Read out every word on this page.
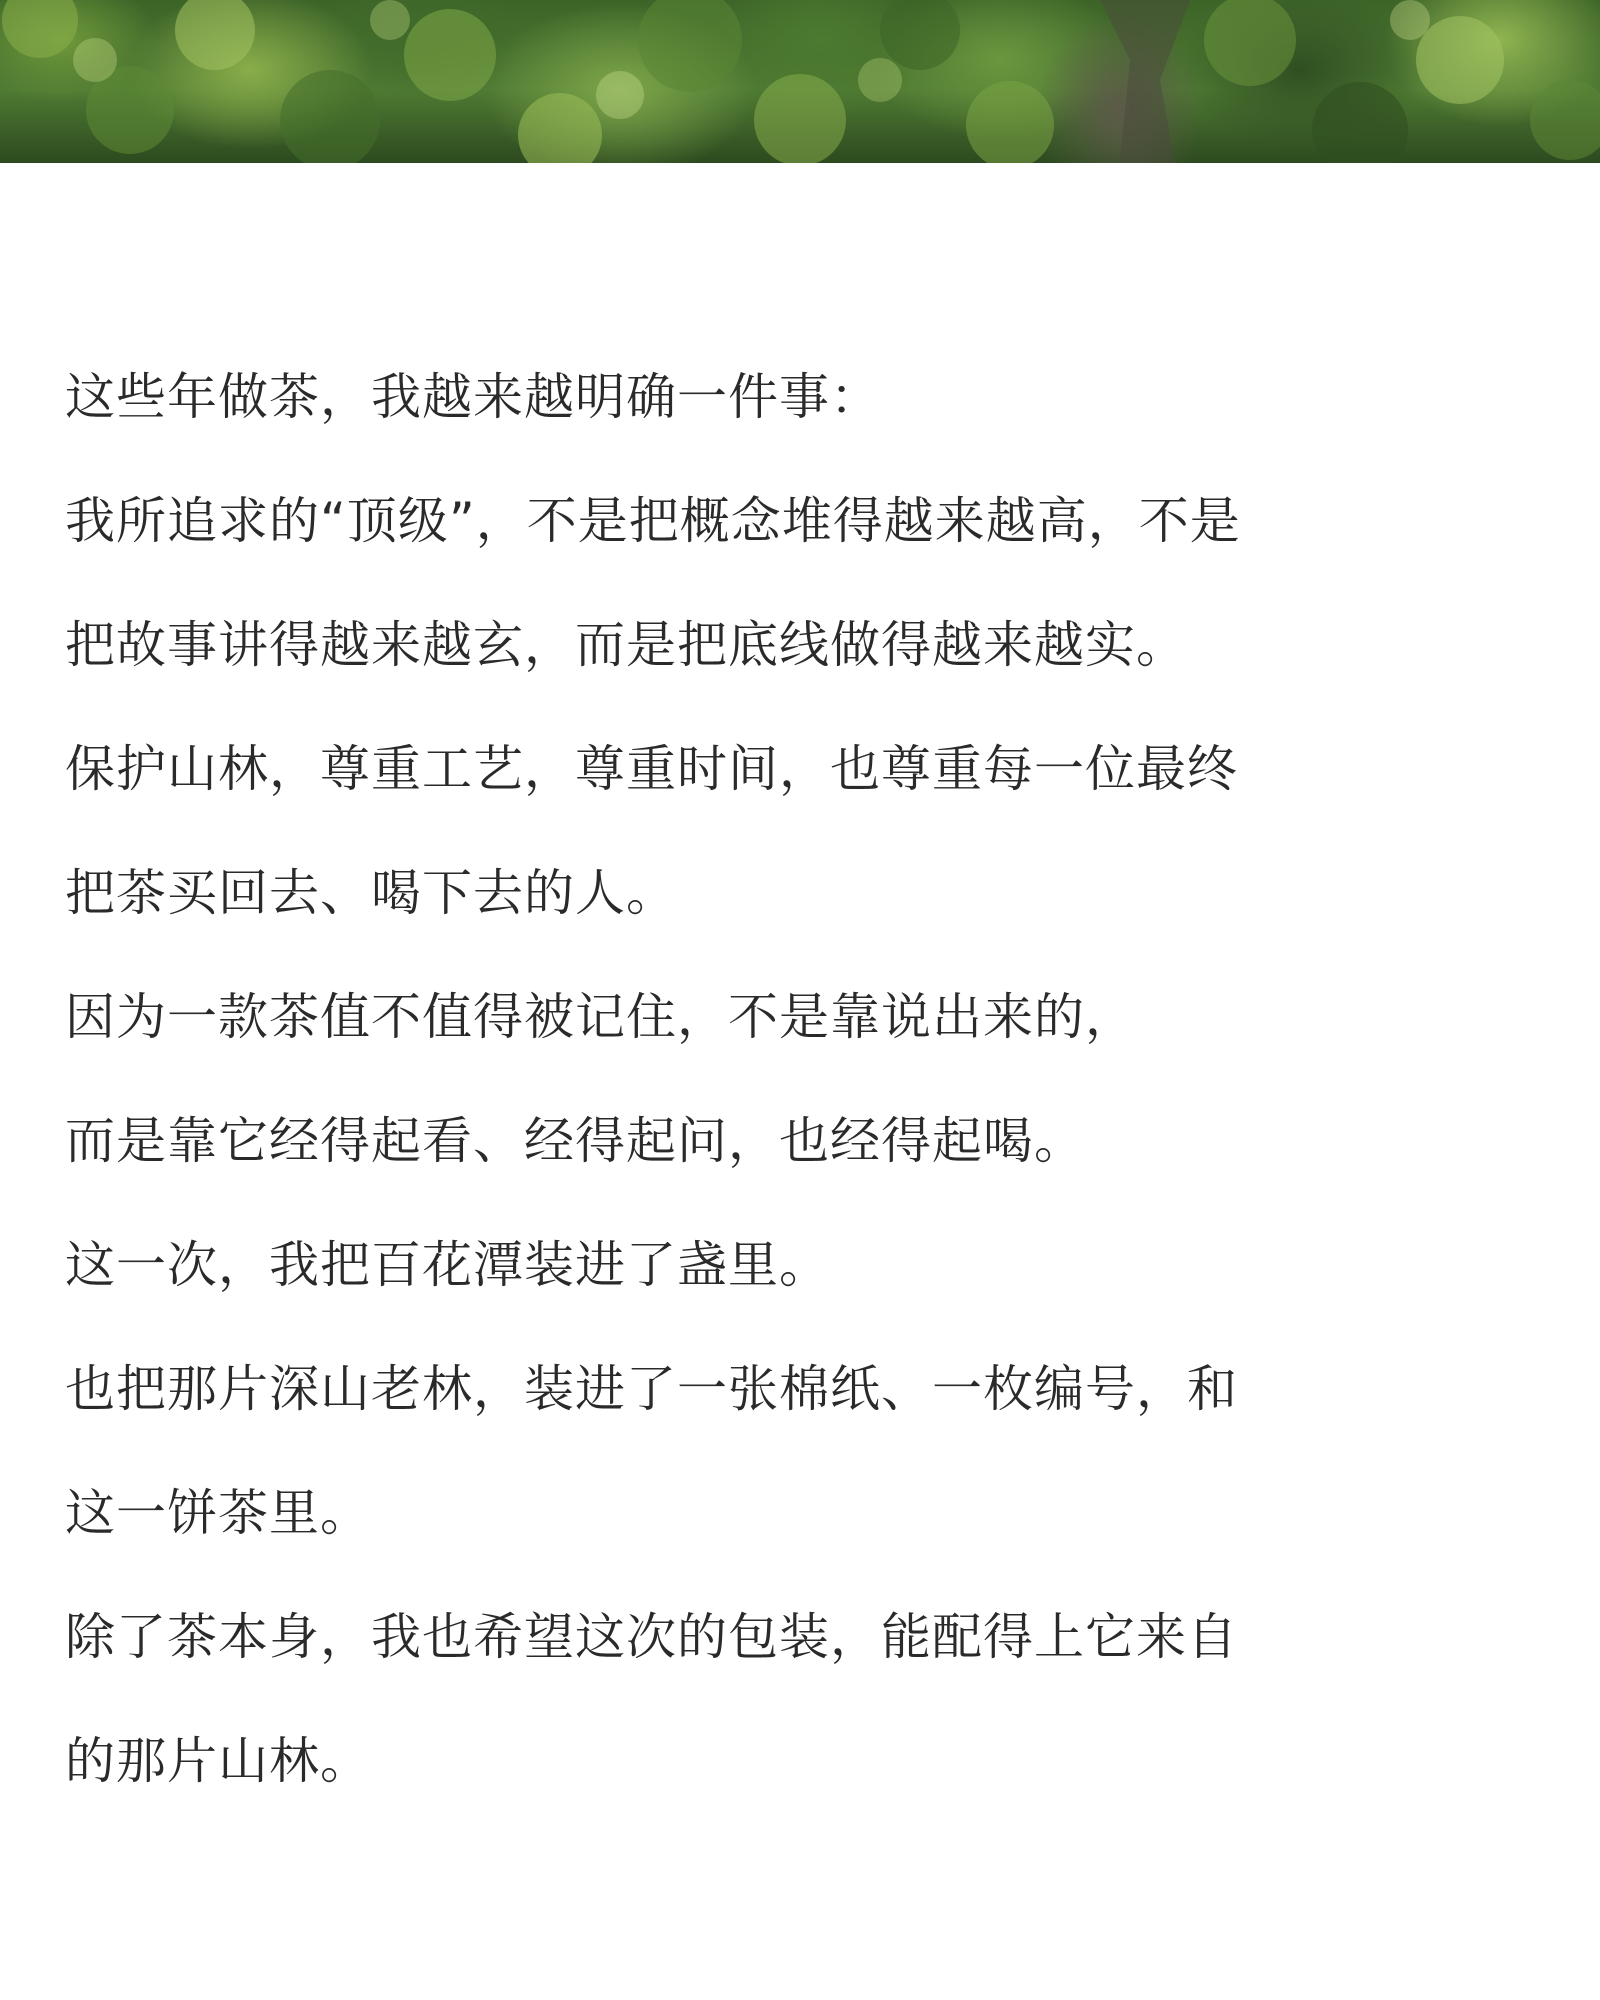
这些年做茶，我越来越明确一件事：

我所追求的“顶级”，不是把概念堆得越来越高，不是
把故事讲得越来越玄，而是把底线做得越来越实。

保护山林，尊重工艺，尊重时间，也尊重每一位最终
把茶买回去、喝下去的人。

因为一款茶值不值得被记住，不是靠说出来的，
而是靠它经得起看、经得起问，也经得起喝。

这一次，我把百花潭装进了盏里。

也把那片深山老林，装进了一张棉纸、一枚编号，和
这一饼茶里。
除了茶本身，我也希望这次的包装，能配得上它来自
的那片山林。
